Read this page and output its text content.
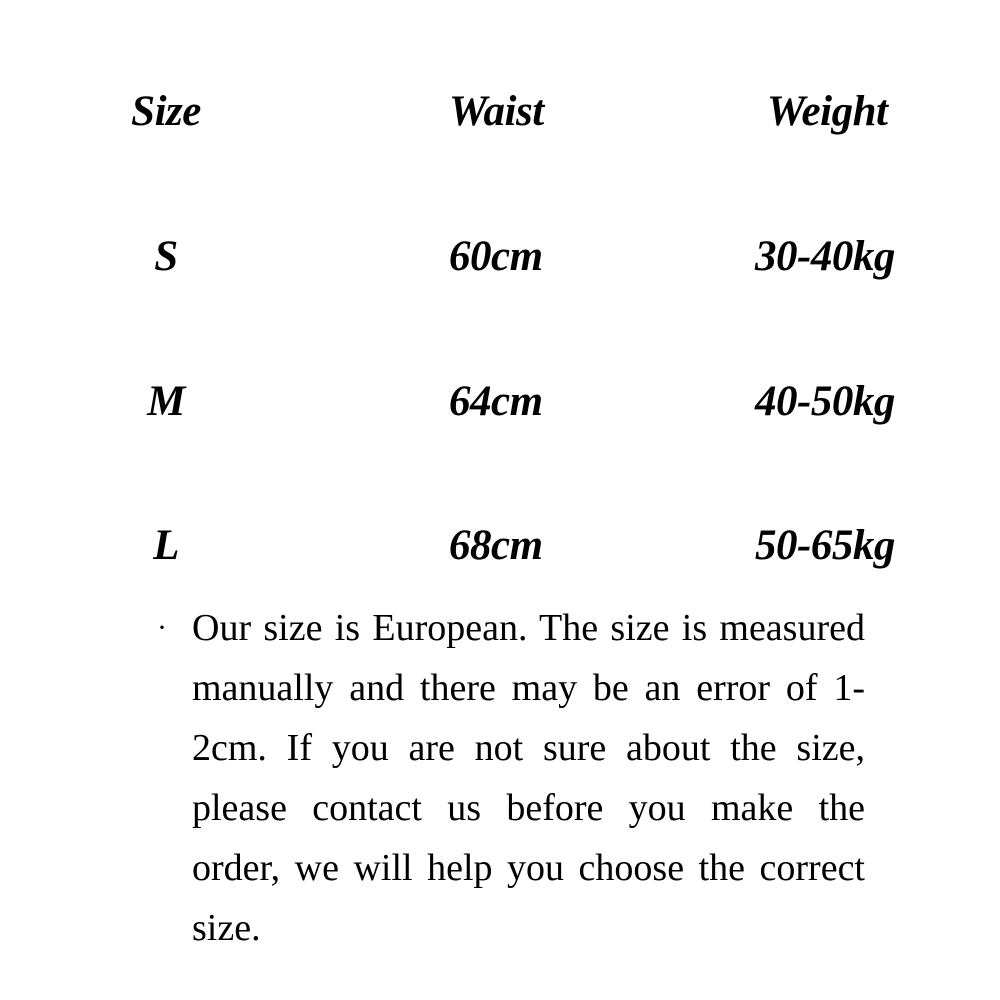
Size	Waist	Weight
S	60cm	30-40kg
M	64cm	40-50kg
L	68cm	50-65kg
· Our size is European. The size is measured manually and there may be an error of 1-2cm. If you are not sure about the size, please contact us before you make the order, we will help you choose the correct size.
